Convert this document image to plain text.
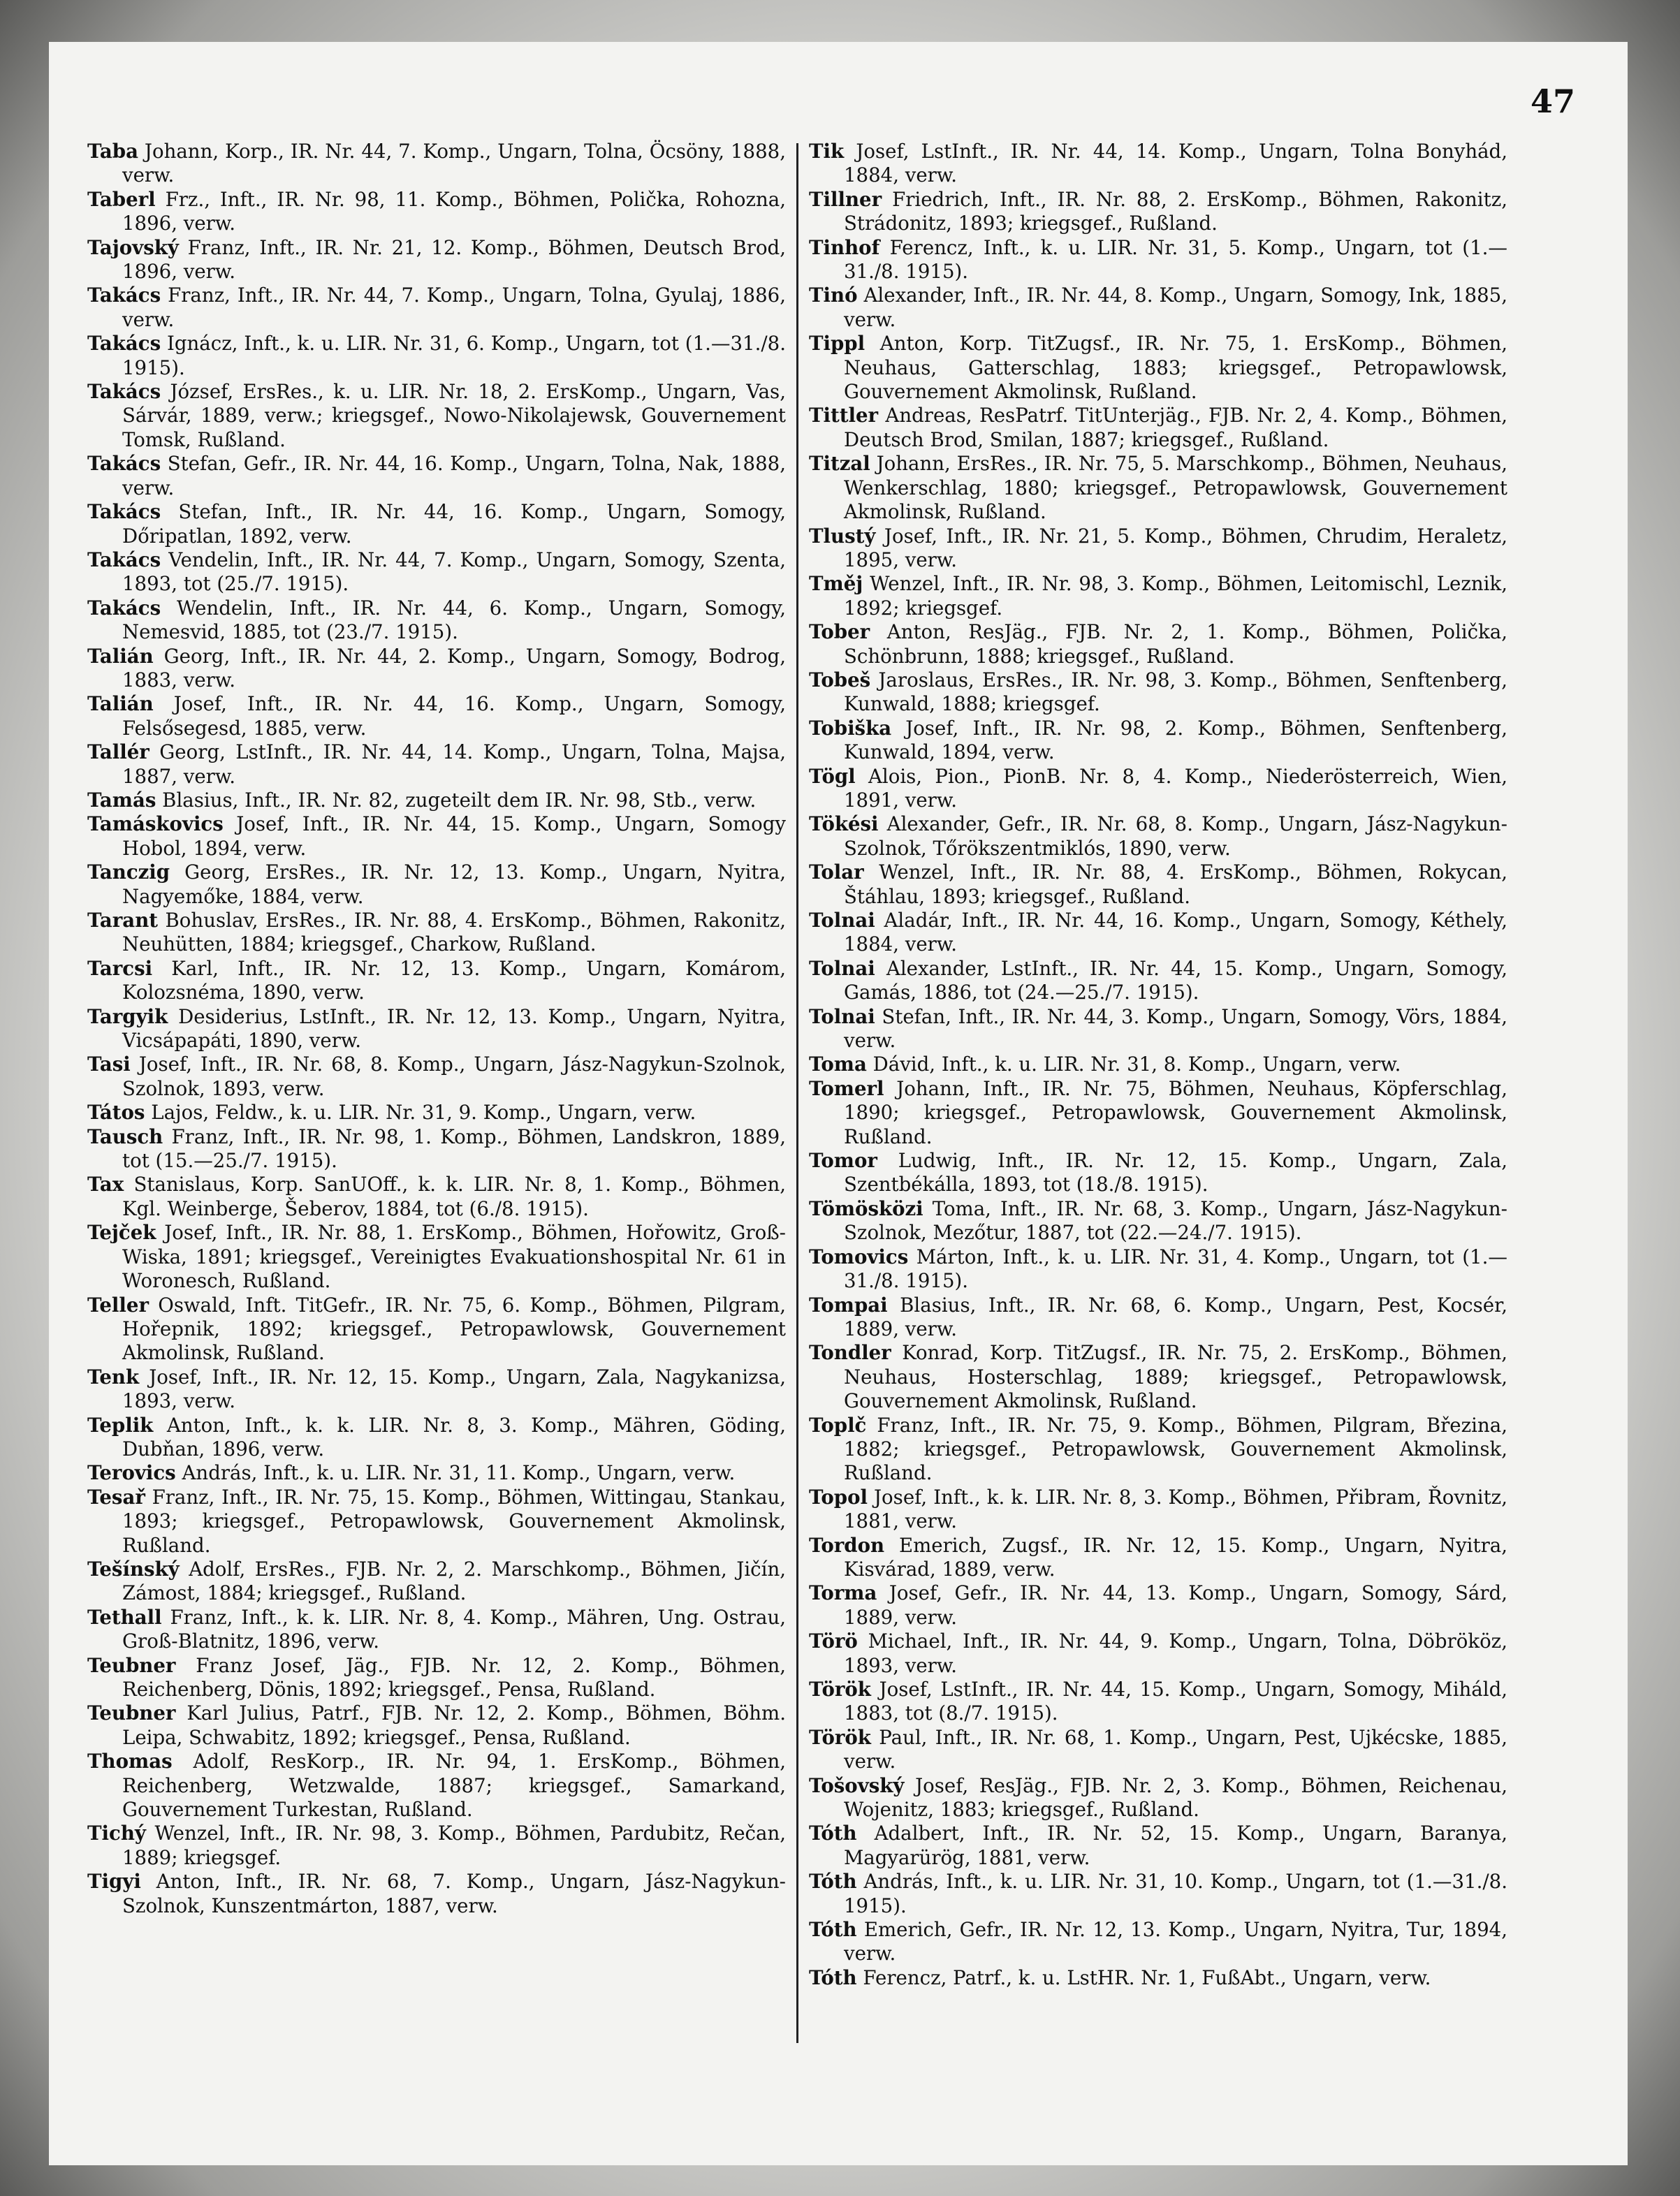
47

Taba Johann, Korp., IR. Nr. 44, 7. Komp., Ungarn, Tolna, Öcsöny, 1888, verw.

Taberl Frz., Inft., IR. Nr. 98, 11. Komp., Böhmen, Polička, Rohozna, 1896, verw.

Tajovský Franz, Inft., IR. Nr. 21, 12. Komp., Böhmen, Deutsch Brod, 1896, verw.

Takács Franz, Inft., IR. Nr. 44, 7. Komp., Ungarn, Tolna, Gyulaj, 1886, verw.

Takács Ignácz, Inft., k. u. LIR. Nr. 31, 6. Komp., Ungarn, tot (1.—31./8. 1915).

Takács József, ErsRes., k. u. LIR. Nr. 18, 2. ErsKomp., Ungarn, Vas, Sárvár, 1889, verw.; kriegsgef., Nowo-Nikolajewsk, Gouvernement Tomsk, Rußland.

Takács Stefan, Gefr., IR. Nr. 44, 16. Komp., Ungarn, Tolna, Nak, 1888, verw.

Takács Stefan, Inft., IR. Nr. 44, 16. Komp., Ungarn, Somogy, Dőripatlan, 1892, verw.

Takács Vendelin, Inft., IR. Nr. 44, 7. Komp., Ungarn, Somogy, Szenta, 1893, tot (25./7. 1915).

Takács Wendelin, Inft., IR. Nr. 44, 6. Komp., Ungarn, Somogy, Nemesvid, 1885, tot (23./7. 1915).

Talián Georg, Inft., IR. Nr. 44, 2. Komp., Ungarn, Somogy, Bodrog, 1883, verw.

Talián Josef, Inft., IR. Nr. 44, 16. Komp., Ungarn, Somogy, Felsősegesd, 1885, verw.

Tallér Georg, LstInft., IR. Nr. 44, 14. Komp., Ungarn, Tolna, Majsa, 1887, verw.

Tamás Blasius, Inft., IR. Nr. 82, zugeteilt dem IR. Nr. 98, Stb., verw.

Tamáskovics Josef, Inft., IR. Nr. 44, 15. Komp., Ungarn, Somogy Hobol, 1894, verw.

Tanczig Georg, ErsRes., IR. Nr. 12, 13. Komp., Ungarn, Nyitra, Nagyemőke, 1884, verw.

Tarant Bohuslav, ErsRes., IR. Nr. 88, 4. ErsKomp., Böhmen, Rakonitz, Neuhütten, 1884; kriegsgef., Charkow, Rußland.

Tarcsi Karl, Inft., IR. Nr. 12, 13. Komp., Ungarn, Komárom, Kolozsnéma, 1890, verw.

Targyik Desiderius, LstInft., IR. Nr. 12, 13. Komp., Ungarn, Nyitra, Vicsápapáti, 1890, verw.

Tasi Josef, Inft., IR. Nr. 68, 8. Komp., Ungarn, Jász-Nagykun-Szolnok, Szolnok, 1893, verw.

Tátos Lajos, Feldw., k. u. LIR. Nr. 31, 9. Komp., Ungarn, verw.

Tausch Franz, Inft., IR. Nr. 98, 1. Komp., Böhmen, Landskron, 1889, tot (15.—25./7. 1915).

Tax Stanislaus, Korp. SanUOff., k. k. LIR. Nr. 8, 1. Komp., Böhmen, Kgl. Weinberge, Šeberov, 1884, tot (6./8. 1915).

Tejček Josef, Inft., IR. Nr. 88, 1. ErsKomp., Böhmen, Hořowitz, Groß-Wiska, 1891; kriegsgef., Vereinigtes Evakuationshospital Nr. 61 in Woronesch, Rußland.

Teller Oswald, Inft. TitGefr., IR. Nr. 75, 6. Komp., Böhmen, Pilgram, Hořepnik, 1892; kriegsgef., Petropawlowsk, Gouvernement Akmolinsk, Rußland.

Tenk Josef, Inft., IR. Nr. 12, 15. Komp., Ungarn, Zala, Nagykanizsa, 1893, verw.

Teplik Anton, Inft., k. k. LIR. Nr. 8, 3. Komp., Mähren, Göding, Dubňan, 1896, verw.

Terovics András, Inft., k. u. LIR. Nr. 31, 11. Komp., Ungarn, verw.

Tesař Franz, Inft., IR. Nr. 75, 15. Komp., Böhmen, Wittingau, Stankau, 1893; kriegsgef., Petropawlowsk, Gouvernement Akmolinsk, Rußland.

Tešínský Adolf, ErsRes., FJB. Nr. 2, 2. Marschkomp., Böhmen, Jičín, Zámost, 1884; kriegsgef., Rußland.

Tethall Franz, Inft., k. k. LIR. Nr. 8, 4. Komp., Mähren, Ung. Ostrau, Groß-Blatnitz, 1896, verw.

Teubner Franz Josef, Jäg., FJB. Nr. 12, 2. Komp., Böhmen, Reichenberg, Dönis, 1892; kriegsgef., Pensa, Rußland.

Teubner Karl Julius, Patrf., FJB. Nr. 12, 2. Komp., Böhmen, Böhm. Leipa, Schwabitz, 1892; kriegsgef., Pensa, Rußland.

Thomas Adolf, ResKorp., IR. Nr. 94, 1. ErsKomp., Böhmen, Reichenberg, Wetzwalde, 1887; kriegsgef., Samarkand, Gouvernement Turkestan, Rußland.

Tichý Wenzel, Inft., IR. Nr. 98, 3. Komp., Böhmen, Pardubitz, Rečan, 1889; kriegsgef.

Tigyi Anton, Inft., IR. Nr. 68, 7. Komp., Ungarn, Jász-Nagykun-Szolnok, Kunszentmárton, 1887, verw.

Tik Josef, LstInft., IR. Nr. 44, 14. Komp., Ungarn, Tolna Bonyhád, 1884, verw.

Tillner Friedrich, Inft., IR. Nr. 88, 2. ErsKomp., Böhmen, Rakonitz, Strádonitz, 1893; kriegsgef., Rußland.

Tinhof Ferencz, Inft., k. u. LIR. Nr. 31, 5. Komp., Ungarn, tot (1.—31./8. 1915).

Tinó Alexander, Inft., IR. Nr. 44, 8. Komp., Ungarn, Somogy, Ink, 1885, verw.

Tippl Anton, Korp. TitZugsf., IR. Nr. 75, 1. ErsKomp., Böhmen, Neuhaus, Gatterschlag, 1883; kriegsgef., Petropawlowsk, Gouvernement Akmolinsk, Rußland.

Tittler Andreas, ResPatrf. TitUnterjäg., FJB. Nr. 2, 4. Komp., Böhmen, Deutsch Brod, Smilan, 1887; kriegsgef., Rußland.

Titzal Johann, ErsRes., IR. Nr. 75, 5. Marschkomp., Böhmen, Neuhaus, Wenkerschlag, 1880; kriegsgef., Petropawlowsk, Gouvernement Akmolinsk, Rußland.

Tlustý Josef, Inft., IR. Nr. 21, 5. Komp., Böhmen, Chrudim, Heraletz, 1895, verw.

Tměj Wenzel, Inft., IR. Nr. 98, 3. Komp., Böhmen, Leitomischl, Leznik, 1892; kriegsgef.

Tober Anton, ResJäg., FJB. Nr. 2, 1. Komp., Böhmen, Polička, Schönbrunn, 1888; kriegsgef., Rußland.

Tobeš Jaroslaus, ErsRes., IR. Nr. 98, 3. Komp., Böhmen, Senftenberg, Kunwald, 1888; kriegsgef.

Tobiška Josef, Inft., IR. Nr. 98, 2. Komp., Böhmen, Senftenberg, Kunwald, 1894, verw.

Tögl Alois, Pion., PionB. Nr. 8, 4. Komp., Niederösterreich, Wien, 1891, verw.

Tökési Alexander, Gefr., IR. Nr. 68, 8. Komp., Ungarn, Jász-Nagykun-Szolnok, Tőrökszentmiklós, 1890, verw.

Tolar Wenzel, Inft., IR. Nr. 88, 4. ErsKomp., Böhmen, Rokycan, Štáhlau, 1893; kriegsgef., Rußland.

Tolnai Aladár, Inft., IR. Nr. 44, 16. Komp., Ungarn, Somogy, Kéthely, 1884, verw.

Tolnai Alexander, LstInft., IR. Nr. 44, 15. Komp., Ungarn, Somogy, Gamás, 1886, tot (24.—25./7. 1915).

Tolnai Stefan, Inft., IR. Nr. 44, 3. Komp., Ungarn, Somogy, Vörs, 1884, verw.

Toma Dávid, Inft., k. u. LIR. Nr. 31, 8. Komp., Ungarn, verw.

Tomerl Johann, Inft., IR. Nr. 75, Böhmen, Neuhaus, Köpferschlag, 1890; kriegsgef., Petropawlowsk, Gouvernement Akmolinsk, Rußland.

Tomor Ludwig, Inft., IR. Nr. 12, 15. Komp., Ungarn, Zala, Szentbékálla, 1893, tot (18./8. 1915).

Tömösközi Toma, Inft., IR. Nr. 68, 3. Komp., Ungarn, Jász-Nagykun-Szolnok, Mezőtur, 1887, tot (22.—24./7. 1915).

Tomovics Márton, Inft., k. u. LIR. Nr. 31, 4. Komp., Ungarn, tot (1.—31./8. 1915).

Tompai Blasius, Inft., IR. Nr. 68, 6. Komp., Ungarn, Pest, Kocsér, 1889, verw.

Tondler Konrad, Korp. TitZugsf., IR. Nr. 75, 2. ErsKomp., Böhmen, Neuhaus, Hosterschlag, 1889; kriegsgef., Petropawlowsk, Gouvernement Akmolinsk, Rußland.

Toplč Franz, Inft., IR. Nr. 75, 9. Komp., Böhmen, Pilgram, Březina, 1882; kriegsgef., Petropawlowsk, Gouvernement Akmolinsk, Rußland.

Topol Josef, Inft., k. k. LIR. Nr. 8, 3. Komp., Böhmen, Přibram, Řovnitz, 1881, verw.

Tordon Emerich, Zugsf., IR. Nr. 12, 15. Komp., Ungarn, Nyitra, Kisvárad, 1889, verw.

Torma Josef, Gefr., IR. Nr. 44, 13. Komp., Ungarn, Somogy, Sárd, 1889, verw.

Törö Michael, Inft., IR. Nr. 44, 9. Komp., Ungarn, Tolna, Döbrököz, 1893, verw.

Török Josef, LstInft., IR. Nr. 44, 15. Komp., Ungarn, Somogy, Miháld, 1883, tot (8./7. 1915).

Török Paul, Inft., IR. Nr. 68, 1. Komp., Ungarn, Pest, Ujkécske, 1885, verw.

Tošovský Josef, ResJäg., FJB. Nr. 2, 3. Komp., Böhmen, Reichenau, Wojenitz, 1883; kriegsgef., Rußland.

Tóth Adalbert, Inft., IR. Nr. 52, 15. Komp., Ungarn, Baranya, Magyarürög, 1881, verw.

Tóth András, Inft., k. u. LIR. Nr. 31, 10. Komp., Ungarn, tot (1.—31./8. 1915).

Tóth Emerich, Gefr., IR. Nr. 12, 13. Komp., Ungarn, Nyitra, Tur, 1894, verw.

Tóth Ferencz, Patrf., k. u. LstHR. Nr. 1, FußAbt., Ungarn, verw.
